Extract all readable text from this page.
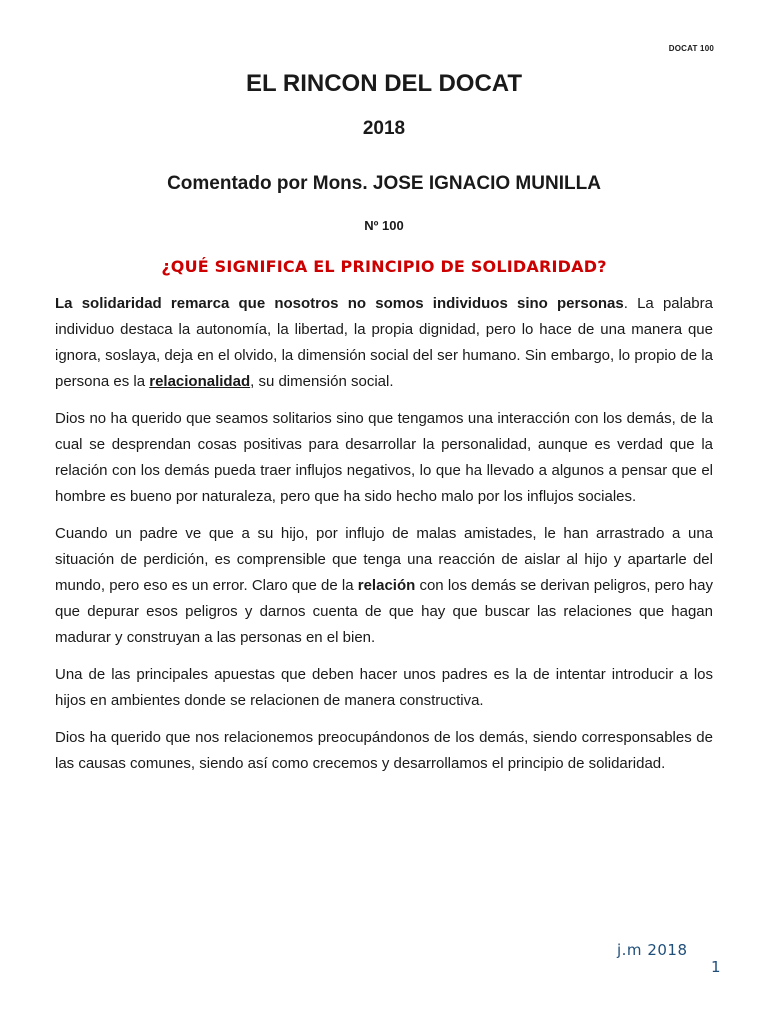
DOCAT 100
EL RINCON DEL DOCAT
2018
Comentado por Mons. JOSE IGNACIO MUNILLA
Nº 100
¿QUÉ SIGNIFICA EL PRINCIPIO DE SOLIDARIDAD?

La solidaridad remarca que nosotros no somos individuos sino personas. La palabra individuo destaca la autonomía, la libertad, la propia dignidad, pero lo hace de una manera que ignora, soslaya, deja en el olvido, la dimensión social del ser humano. Sin embargo, lo propio de la persona es la relacionalidad, su dimensión social.

Dios no ha querido que seamos solitarios sino que tengamos una interacción con los demás, de la cual se desprendan cosas positivas para desarrollar la personalidad, aunque es verdad que la relación con los demás pueda traer influjos negativos, lo que ha llevado a algunos a pensar que el hombre es bueno por naturaleza, pero que ha sido hecho malo por los influjos sociales.

Cuando un padre ve que a su hijo, por influjo de malas amistades, le han arrastrado a una situación de perdición, es comprensible que tenga una reacción de aislar al hijo y apartarle del mundo, pero eso es un error. Claro que de la relación con los demás se derivan peligros, pero hay que depurar esos peligros y darnos cuenta de que hay que buscar las relaciones que hagan madurar y construyan a las personas en el bien.

Una de las principales apuestas que deben hacer unos padres es la de intentar introducir a los hijos en ambientes donde se relacionen de manera constructiva.

Dios ha querido que nos relacionemos preocupándonos de los demás, siendo corresponsables de las causas comunes, siendo así como crecemos y desarrollamos el principio de solidaridad.

j.m 2018
1
